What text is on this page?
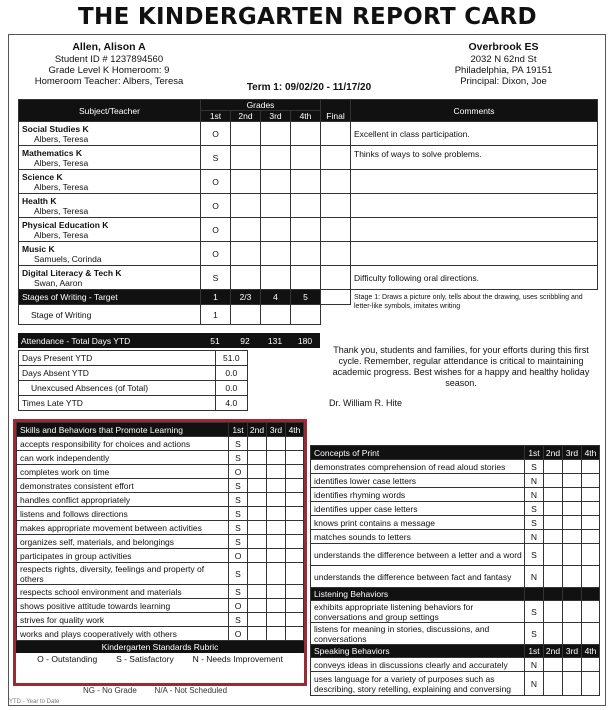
THE KINDERGARTEN REPORT CARD
Allen, Alison A
Student ID # 1237894560
Grade Level K Homeroom: 9
Homeroom Teacher: Albers, Teresa
Overbrook ES
2032 N 62nd St
Philadelphia, PA 19151
Principal: Dixon, Joe
Term 1: 09/02/20 - 11/17/20
Subject/Teacher	Grades				Final	Comments
	1st	2nd	3rd	4th		
Social Studies K
Albers, Teresa	O					Excellent in class participation.
Mathematics K
Albers, Teresa	S					Thinks of ways to solve problems.
Science K
Albers, Teresa	O					
Health K
Albers, Teresa	O					
Physical Education K
Albers, Teresa	O					
Music K
Samuels, Corinda	O					
Digital Literacy & Tech K
Swan, Aaron	S					Difficulty following oral directions.
Stages of Writing - Target	1	2/3	4	5		Stage 1: Draws a picture only, tells about the drawing, uses scribbling and letter-like symbols, imitates writing
Stage of Writing	1					
Attendance - Total Days YTD	51	92	131	180	
Days Present YTD	51.0
Days Absent YTD	0.0
Unexcused Absences (of Total)	0.0
Times Late YTD	4.0
Thank you, students and families, for your efforts during this first cycle. Remember, regular attendance is critical to maintaining academic progress. Best wishes for a happy and healthy holiday season.
Dr. William R. Hite
Concepts of Print	1st	2nd	3rd	4th
demonstrates comprehension of read aloud stories	S			
identifies lower case letters	N			
identifies rhyming words	N			
identifies upper case letters	S			
knows print contains a message	S			
matches sounds to letters	N			
understands the difference between a letter and a word	S			
understands the difference between fact and fantasy	N			
Listening Behaviors				
exhibits appropriate listening behaviors for conversations and group settings	S			
listens for meaning in stories, discussions, and conversations	S			
Speaking Behaviors	1st	2nd	3rd	4th
conveys ideas in discussions clearly and accurately	N			
uses language for a variety of purposes such as describing, story retelling, explaining and conversing	N			
Skills and Behaviors that Promote Learning	1st	2nd	3rd	4th
accepts responsibility for choices and actions	S			
can work independently	S			
completes work on time	O			
demonstrates consistent effort	S			
handles conflict appropriately	S			
listens and follows directions	S			
makes appropriate movement between activities	S			
organizes self, materials, and belongings	S			
participates in group activities	O			
respects rights, diversity, feelings and property of others	S			
respects school environment and materials	S			
shows positive attitude towards learning	O			
strives for quality work	S			
works and plays cooperatively with others	O			
Kindergarten Standards Rubric
O - Outstanding        S - Satisfactory        N - Needs Improvement
NG - No Grade        N/A - Not Scheduled
YTD - Year to Date
